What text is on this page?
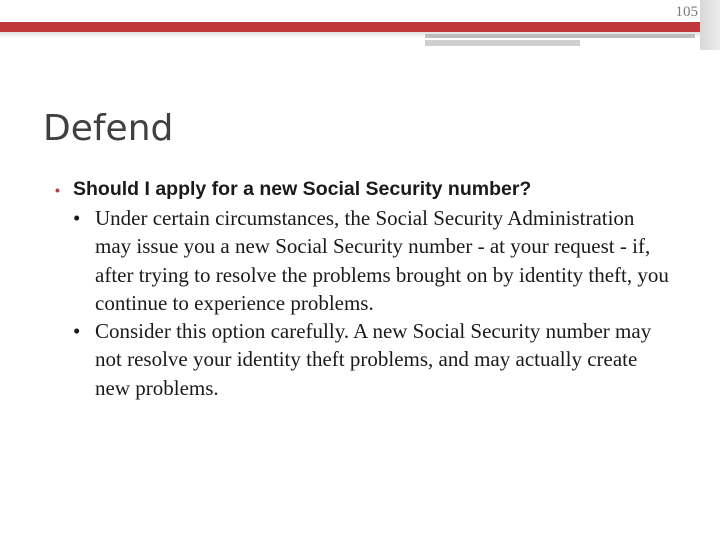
105
Defend
• Should I apply for a new Social Security number?
• Under certain circumstances, the Social Security Administration may issue you a new Social Security number - at your request - if, after trying to resolve the problems brought on by identity theft, you continue to experience problems.
• Consider this option carefully. A new Social Security number may not resolve your identity theft problems, and may actually create new problems.
